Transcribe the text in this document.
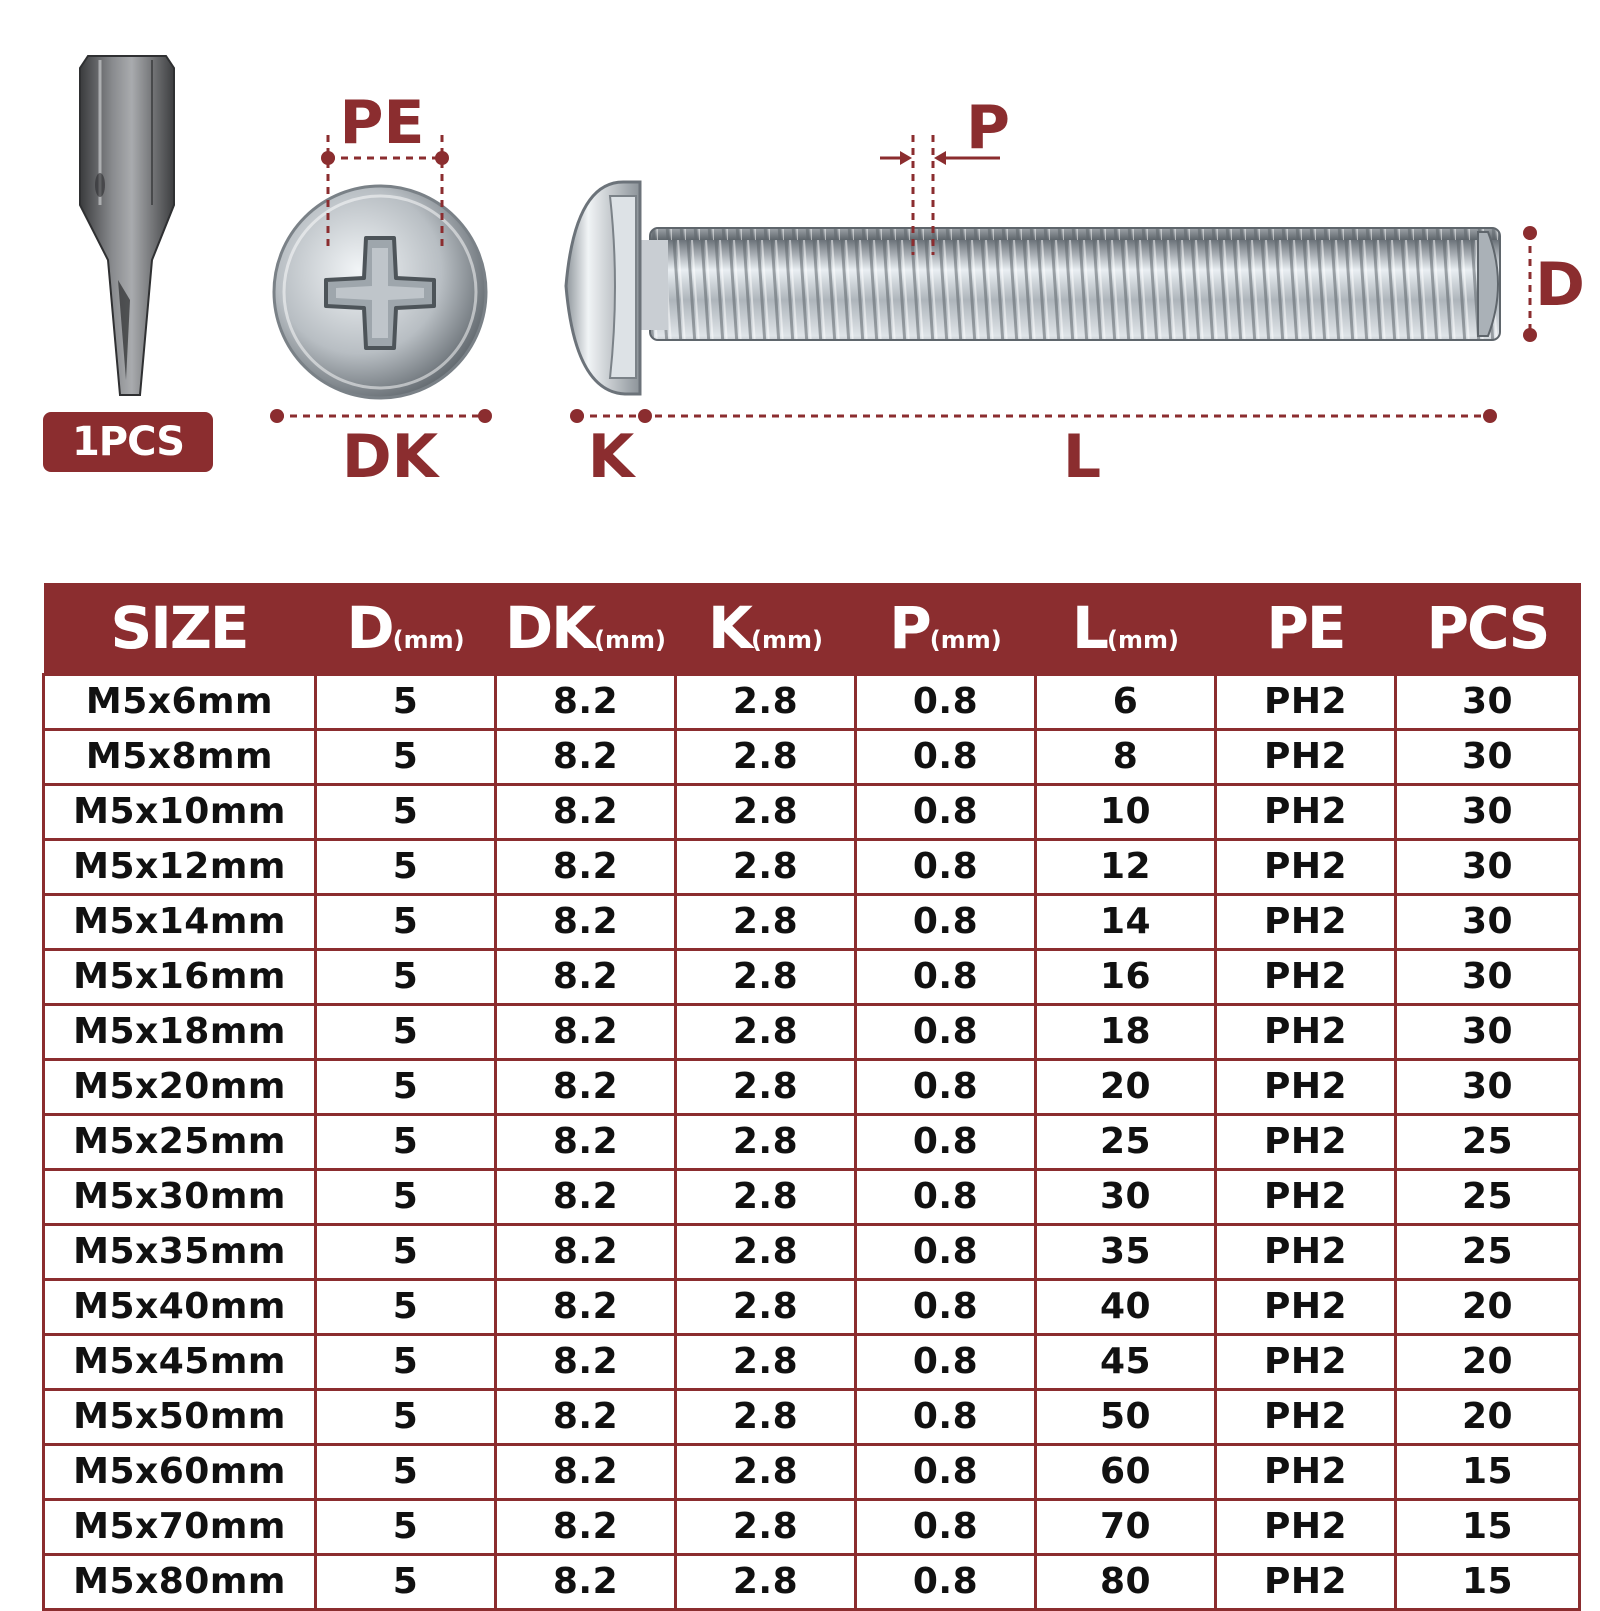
PE	P
D
DK K	L
1PCS
SIZE	D(mm)	DK(mm)	K(mm)	P(mm)	L(mm)	PE	PCS
M5x6mm	5	8.2	2.8	0.8	6	PH2	30
M5x8mm	5	8.2	2.8	0.8	8	PH2	30
M5x10mm	5	8.2	2.8	0.8	10	PH2	30
M5x12mm	5	8.2	2.8	0.8	12	PH2	30
M5x14mm	5	8.2	2.8	0.8	14	PH2	30
M5x16mm	5	8.2	2.8	0.8	16	PH2	30
M5x18mm	5	8.2	2.8	0.8	18	PH2	30
M5x20mm	5	8.2	2.8	0.8	20	PH2	30
M5x25mm	5	8.2	2.8	0.8	25	PH2	25
M5x30mm	5	8.2	2.8	0.8	30	PH2	25
M5x35mm	5	8.2	2.8	0.8	35	PH2	25
M5x40mm	5	8.2	2.8	0.8	40	PH2	20
M5x45mm	5	8.2	2.8	0.8	45	PH2	20
M5x50mm	5	8.2	2.8	0.8	50	PH2	20
M5x60mm	5	8.2	2.8	0.8	60	PH2	15
M5x70mm	5	8.2	2.8	0.8	70	PH2	15
M5x80mm	5	8.2	2.8	0.8	80	PH2	15
